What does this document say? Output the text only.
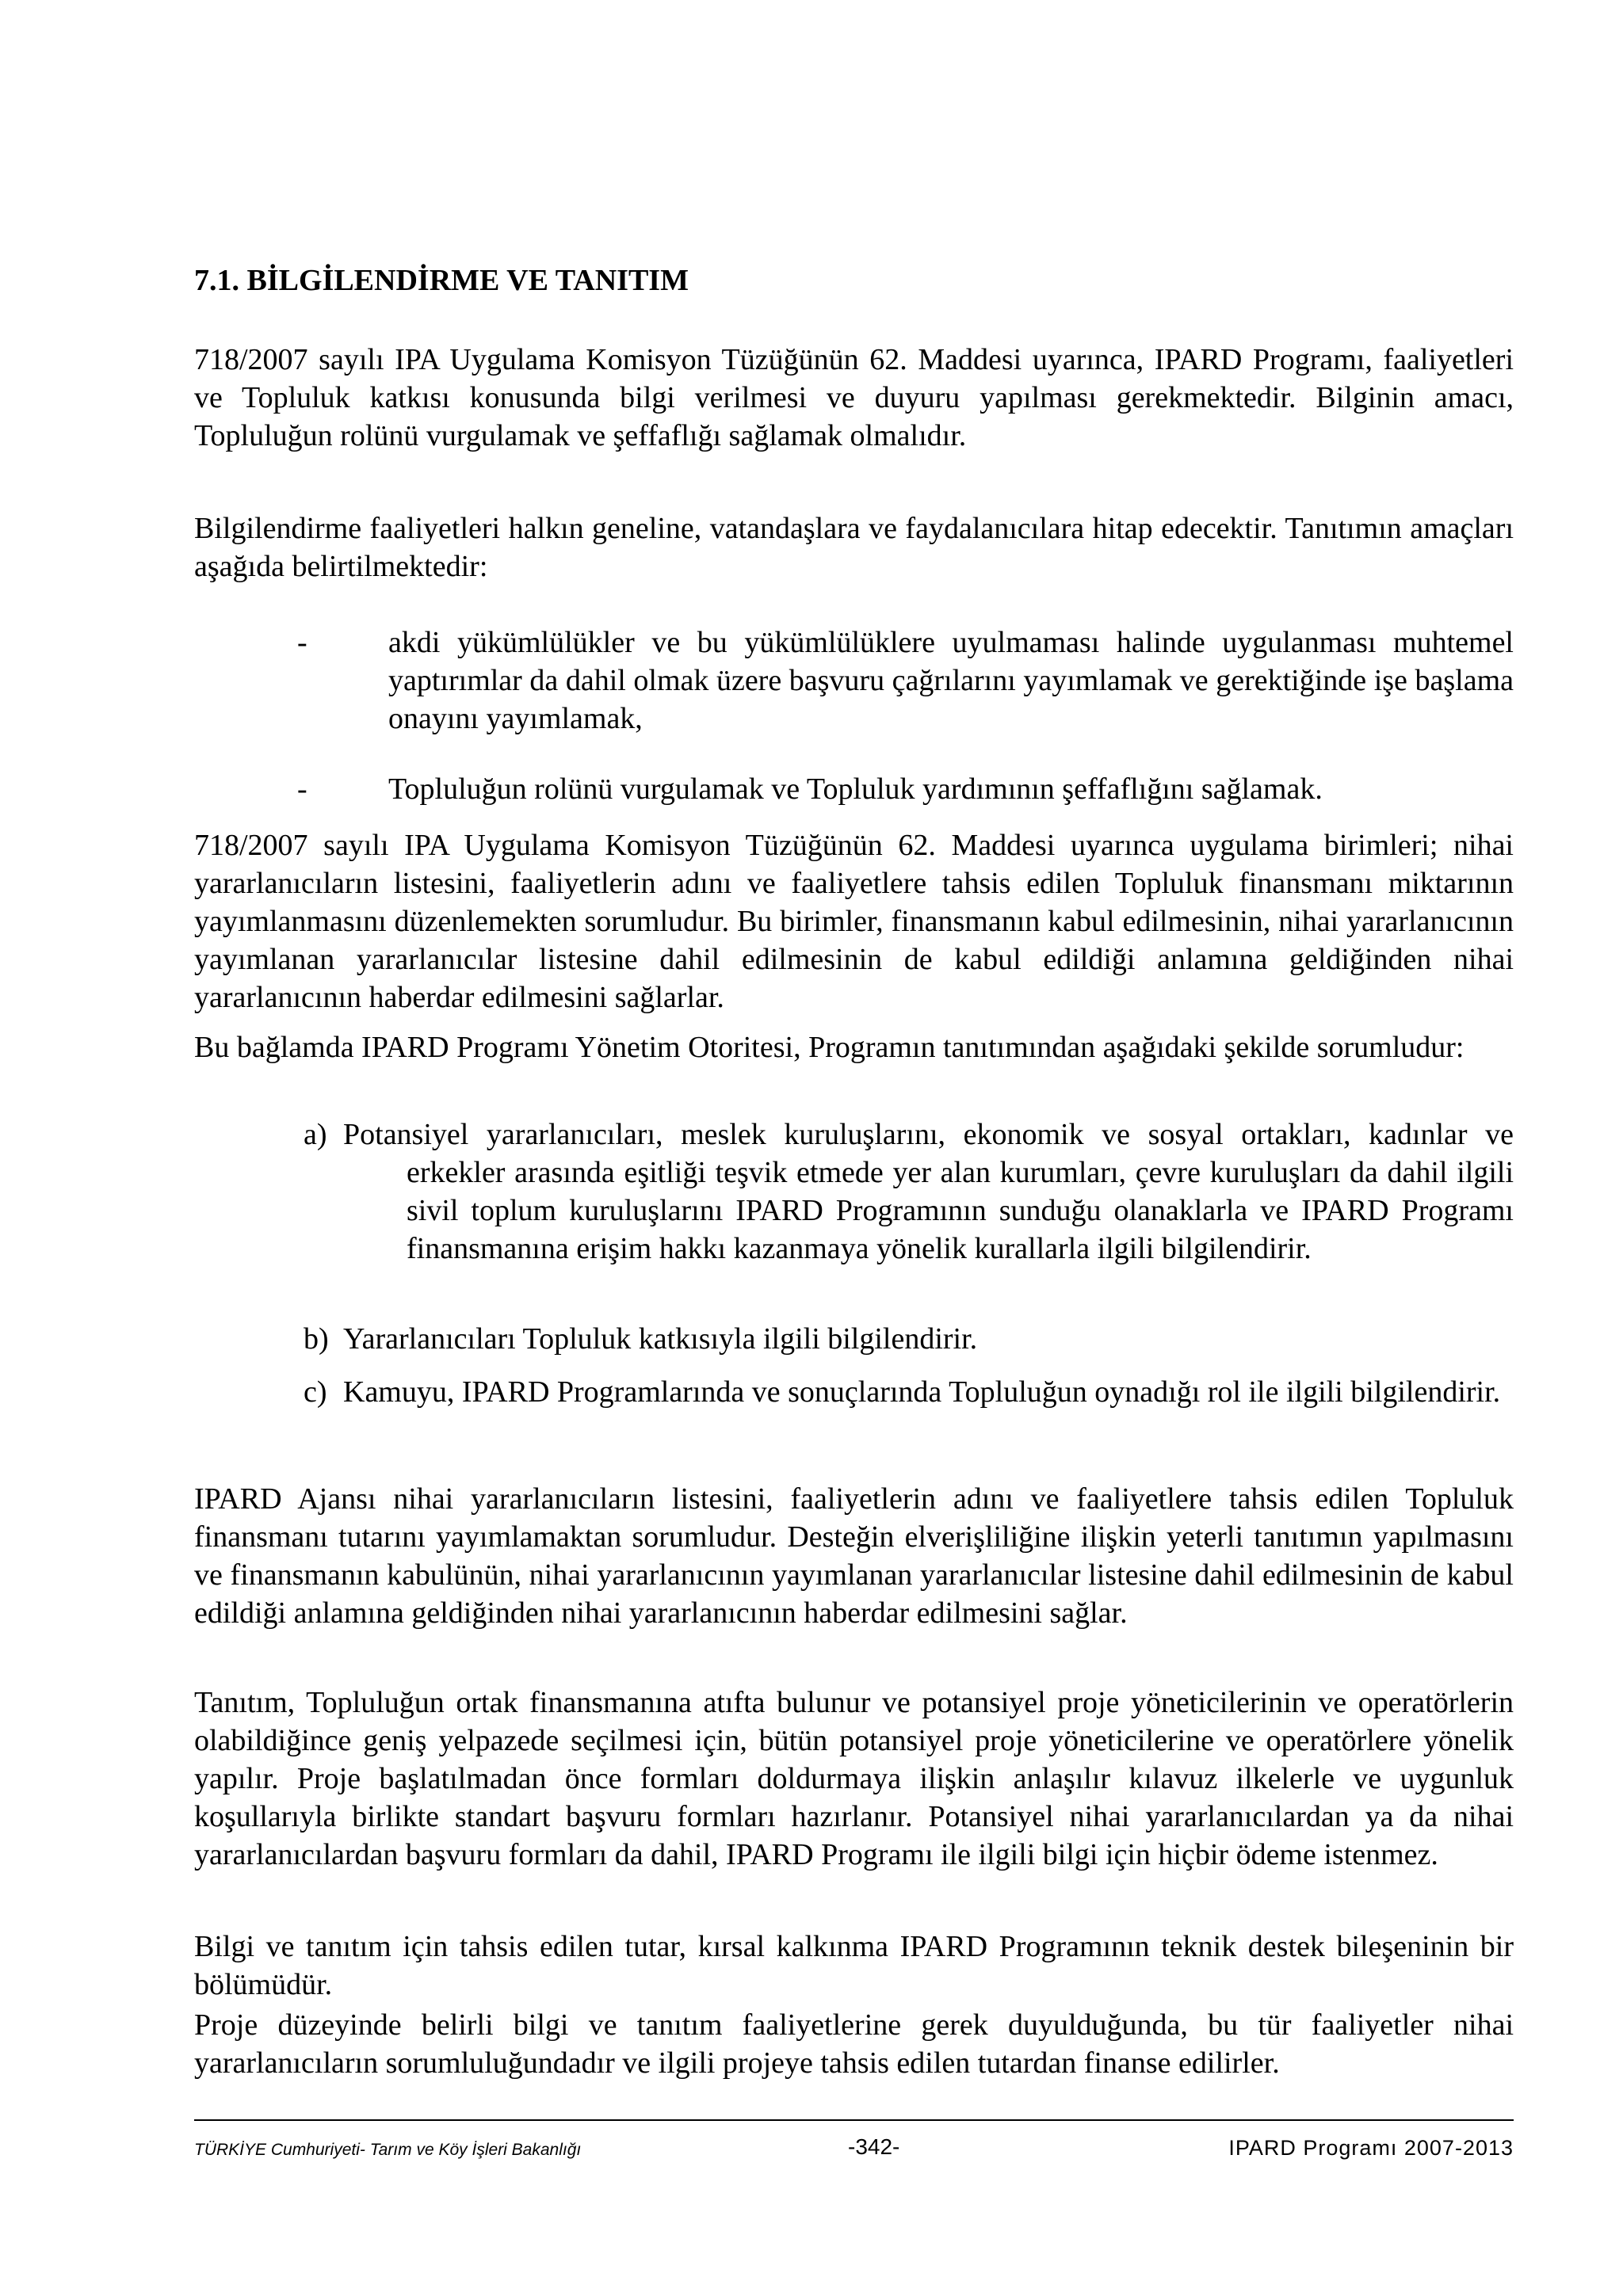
7.1. BİLGİLENDİRME VE TANITIM

718/2007 sayılı IPA Uygulama Komisyon Tüzüğünün 62. Maddesi uyarınca, IPARD Programı, faaliyetleri ve Topluluk katkısı konusunda bilgi verilmesi ve duyuru yapılması gerekmektedir. Bilginin amacı, Topluluğun rolünü vurgulamak ve şeffaflığı sağlamak olmalıdır.

Bilgilendirme faaliyetleri halkın geneline, vatandaşlara ve faydalanıcılara hitap edecektir. Tanıtımın amaçları aşağıda belirtilmektedir:

-	akdi yükümlülükler ve bu yükümlülüklere uyulmaması halinde uygulanması muhtemel yaptırımlar da dahil olmak üzere başvuru çağrılarını yayımlamak ve gerektiğinde işe başlama onayını yayımlamak,
-	Topluluğun rolünü vurgulamak ve Topluluk yardımının şeffaflığını sağlamak.

718/2007 sayılı IPA Uygulama Komisyon Tüzüğünün 62. Maddesi uyarınca uygulama birimleri; nihai yararlanıcıların listesini, faaliyetlerin adını ve faaliyetlere tahsis edilen Topluluk finansmanı miktarının yayımlanmasını düzenlemekten sorumludur. Bu birimler, finansmanın kabul edilmesinin, nihai yararlanıcının yayımlanan yararlanıcılar listesine dahil edilmesinin de kabul edildiği anlamına geldiğinden nihai yararlanıcının haberdar edilmesini sağlarlar.

Bu bağlamda IPARD Programı Yönetim Otoritesi, Programın tanıtımından aşağıdaki şekilde sorumludur:

a) Potansiyel yararlanıcıları, meslek kuruluşlarını, ekonomik ve sosyal ortakları, kadınlar ve erkekler arasında eşitliği teşvik etmede yer alan kurumları, çevre kuruluşları da dahil ilgili sivil toplum kuruluşlarını IPARD Programının sunduğu olanaklarla ve IPARD Programı finansmanına erişim hakkı kazanmaya yönelik kurallarla ilgili bilgilendirir.
b) Yararlanıcıları Topluluk katkısıyla ilgili bilgilendirir.
c) Kamuyu, IPARD Programlarında ve sonuçlarında Topluluğun oynadığı rol ile ilgili bilgilendirir.

IPARD Ajansı nihai yararlanıcıların listesini, faaliyetlerin adını ve faaliyetlere tahsis edilen Topluluk finansmanı tutarını yayımlamaktan sorumludur. Desteğin elverişliliğine ilişkin yeterli tanıtımın yapılmasını ve finansmanın kabulünün, nihai yararlanıcının yayımlanan yararlanıcılar listesine dahil edilmesinin de kabul edildiği anlamına geldiğinden nihai yararlanıcının haberdar edilmesini sağlar.

Tanıtım, Topluluğun ortak finansmanına atıfta bulunur ve potansiyel proje yöneticilerinin ve operatörlerin olabildiğince geniş yelpazede seçilmesi için, bütün potansiyel proje yöneticilerine ve operatörlere yönelik yapılır. Proje başlatılmadan önce formları doldurmaya ilişkin anlaşılır kılavuz ilkelerle ve uygunluk koşullarıyla birlikte standart başvuru formları hazırlanır. Potansiyel nihai yararlanıcılardan ya da nihai yararlanıcılardan başvuru formları da dahil, IPARD Programı ile ilgili bilgi için hiçbir ödeme istenmez.

Bilgi ve tanıtım için tahsis edilen tutar, kırsal kalkınma IPARD Programının teknik destek bileşeninin bir bölümüdür.

Proje düzeyinde belirli bilgi ve tanıtım faaliyetlerine gerek duyulduğunda, bu tür faaliyetler nihai yararlanıcıların sorumluluğundadır ve ilgili projeye tahsis edilen tutardan finanse edilirler.

TÜRKİYE Cumhuriyeti- Tarım ve Köy İşleri Bakanlığı	-342-	IPARD Programı 2007-2013
